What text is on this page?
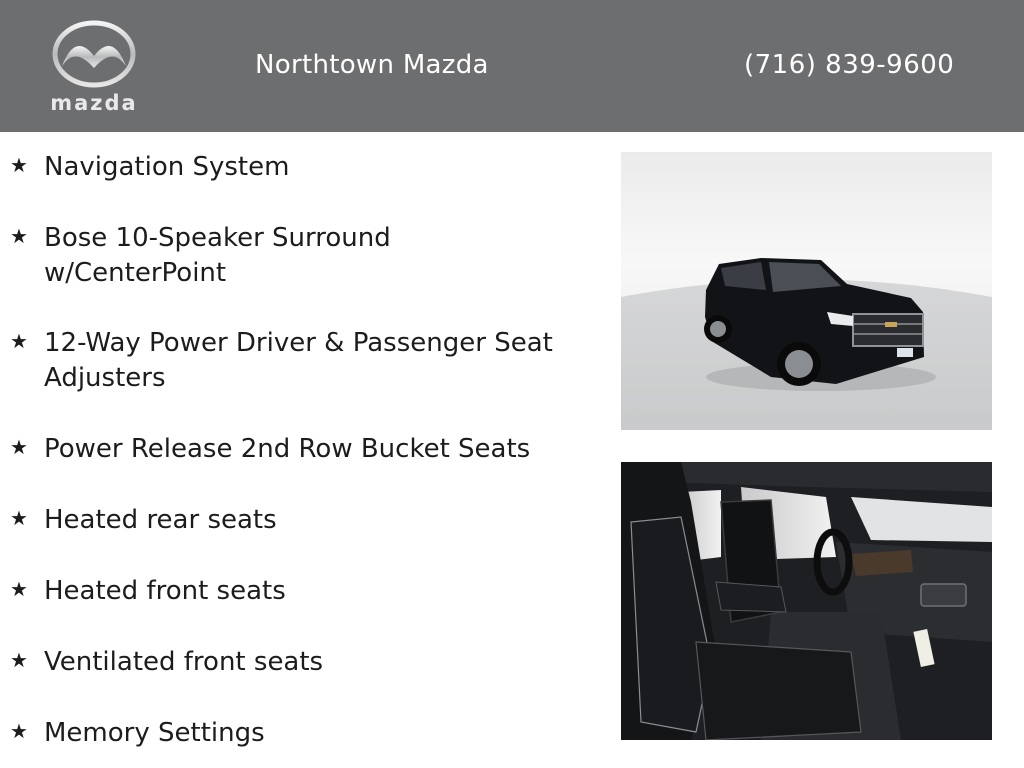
mazda
Northtown Mazda	(716) 839-9600
★ Navigation System
★ Bose 10-Speaker Surround w/CenterPoint
★ 12-Way Power Driver & Passenger Seat Adjusters
★ Power Release 2nd Row Bucket Seats
★ Heated rear seats
★ Heated front seats
★ Ventilated front seats
★ Memory Settings
